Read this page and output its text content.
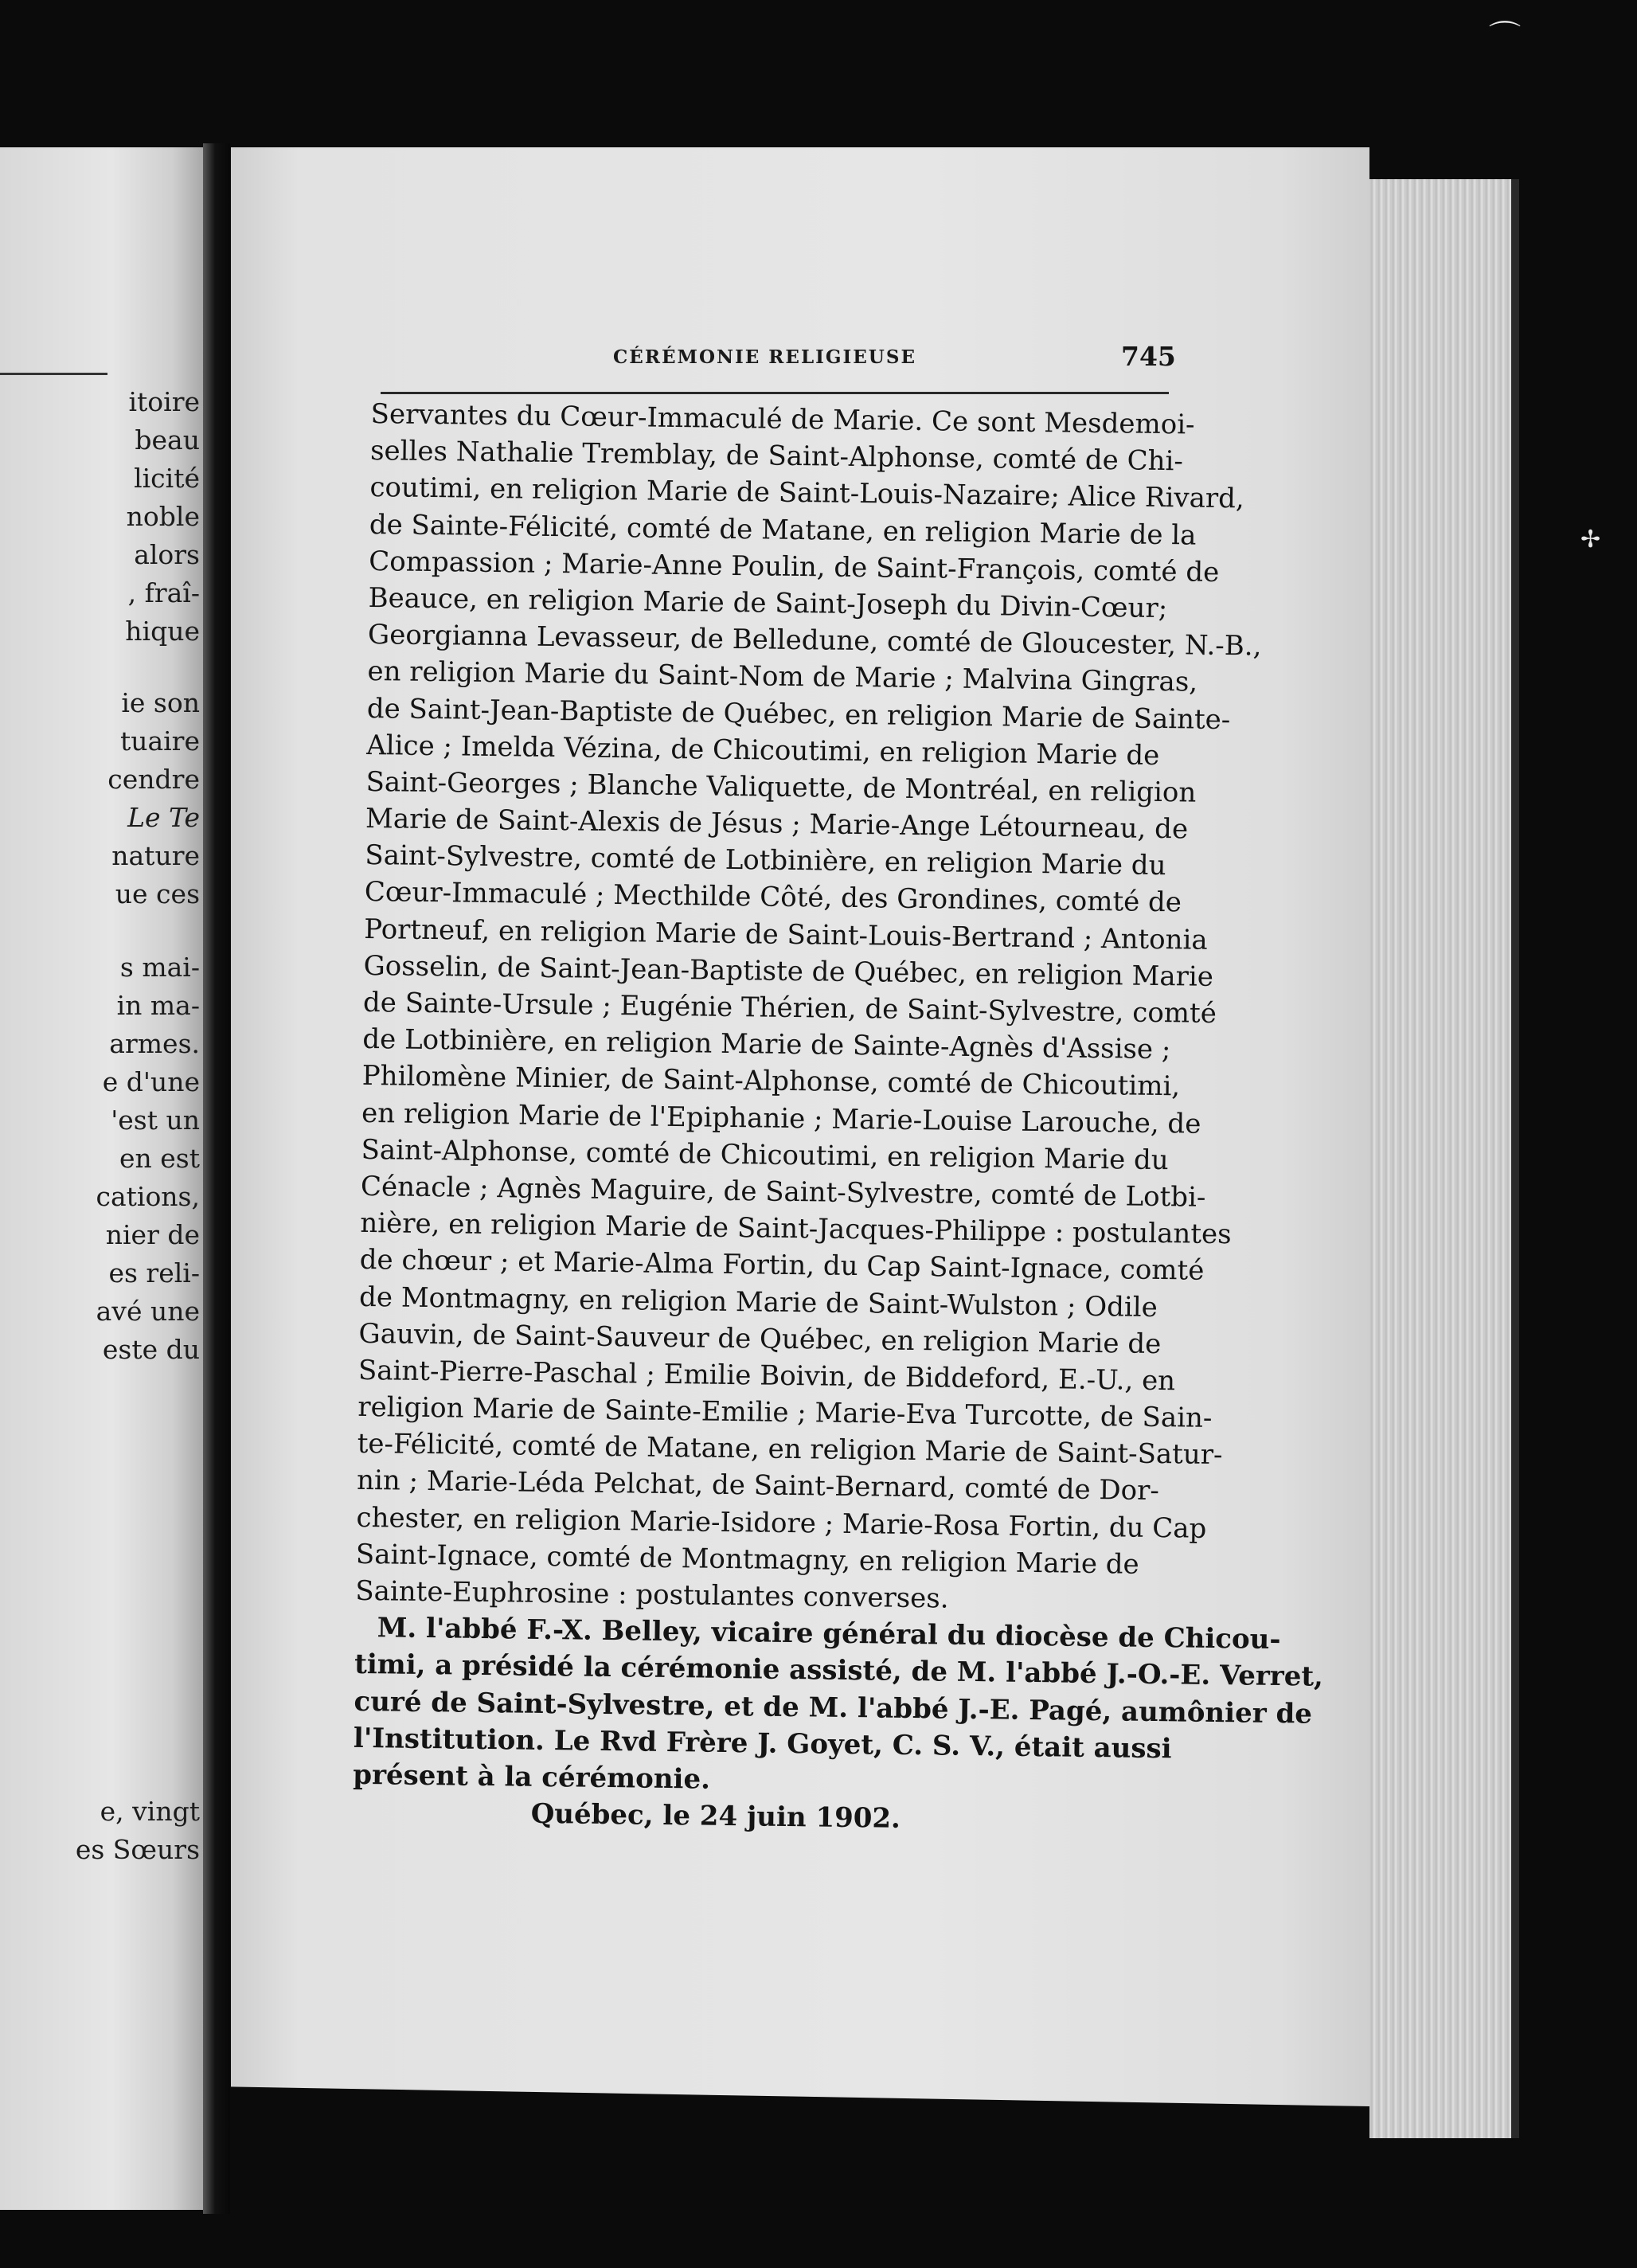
itoire
beau
licité
noble
alors
, fraî-
hique
ie son
tuaire
cendre
Le Te
nature
ue ces
s mai-
in ma-
armes.
e d'une
'est un
en est
cations,
nier de
es reli-
avé une
este du
e, vingt
es Sœurs
CÉRÉMONIE RELIGIEUSE	745
Servantes du Cœur-Immaculé de Marie. Ce sont Mesdemoi-
selles Nathalie Tremblay, de Saint-Alphonse, comté de Chi-
coutimi, en religion Marie de Saint-Louis-Nazaire; Alice Rivard,
de Sainte-Félicité, comté de Matane, en religion Marie de la
Compassion ; Marie-Anne Poulin, de Saint-François, comté de
Beauce, en religion Marie de Saint-Joseph du Divin-Cœur;
Georgianna Levasseur, de Belledune, comté de Gloucester, N.-B.,
en religion Marie du Saint-Nom de Marie ; Malvina Gingras,
de Saint-Jean-Baptiste de Québec, en religion Marie de Sainte-
Alice ; Imelda Vézina, de Chicoutimi, en religion Marie de
Saint-Georges ; Blanche Valiquette, de Montréal, en religion
Marie de Saint-Alexis de Jésus ; Marie-Ange Létourneau, de
Saint-Sylvestre, comté de Lotbinière, en religion Marie du
Cœur-Immaculé ; Mecthilde Côté, des Grondines, comté de
Portneuf, en religion Marie de Saint-Louis-Bertrand ; Antonia
Gosselin, de Saint-Jean-Baptiste de Québec, en religion Marie
de Sainte-Ursule ; Eugénie Thérien, de Saint-Sylvestre, comté
de Lotbinière, en religion Marie de Sainte-Agnès d'Assise ;
Philomène Minier, de Saint-Alphonse, comté de Chicoutimi,
en religion Marie de l'Epiphanie ; Marie-Louise Larouche, de
Saint-Alphonse, comté de Chicoutimi, en religion Marie du
Cénacle ; Agnès Maguire, de Saint-Sylvestre, comté de Lotbi-
nière, en religion Marie de Saint-Jacques-Philippe : postulantes
de chœur ; et Marie-Alma Fortin, du Cap Saint-Ignace, comté
de Montmagny, en religion Marie de Saint-Wulston ; Odile
Gauvin, de Saint-Sauveur de Québec, en religion Marie de
Saint-Pierre-Paschal ; Emilie Boivin, de Biddeford, E.-U., en
religion Marie de Sainte-Emilie ; Marie-Eva Turcotte, de Sain-
te-Félicité, comté de Matane, en religion Marie de Saint-Satur-
nin ; Marie-Léda Pelchat, de Saint-Bernard, comté de Dor-
chester, en religion Marie-Isidore ; Marie-Rosa Fortin, du Cap
Saint-Ignace, comté de Montmagny, en religion Marie de
Sainte-Euphrosine : postulantes converses.
M. l'abbé F.-X. Belley, vicaire général du diocèse de Chicou-
timi, a présidé la cérémonie assisté, de M. l'abbé J.-O.-E. Verret,
curé de Saint-Sylvestre, et de M. l'abbé J.-E. Pagé, aumônier de
l'Institution. Le Rvd Frère J. Goyet, C. S. V., était aussi
présent à la cérémonie.
Québec, le 24 juin 1902.
✢
⌒
